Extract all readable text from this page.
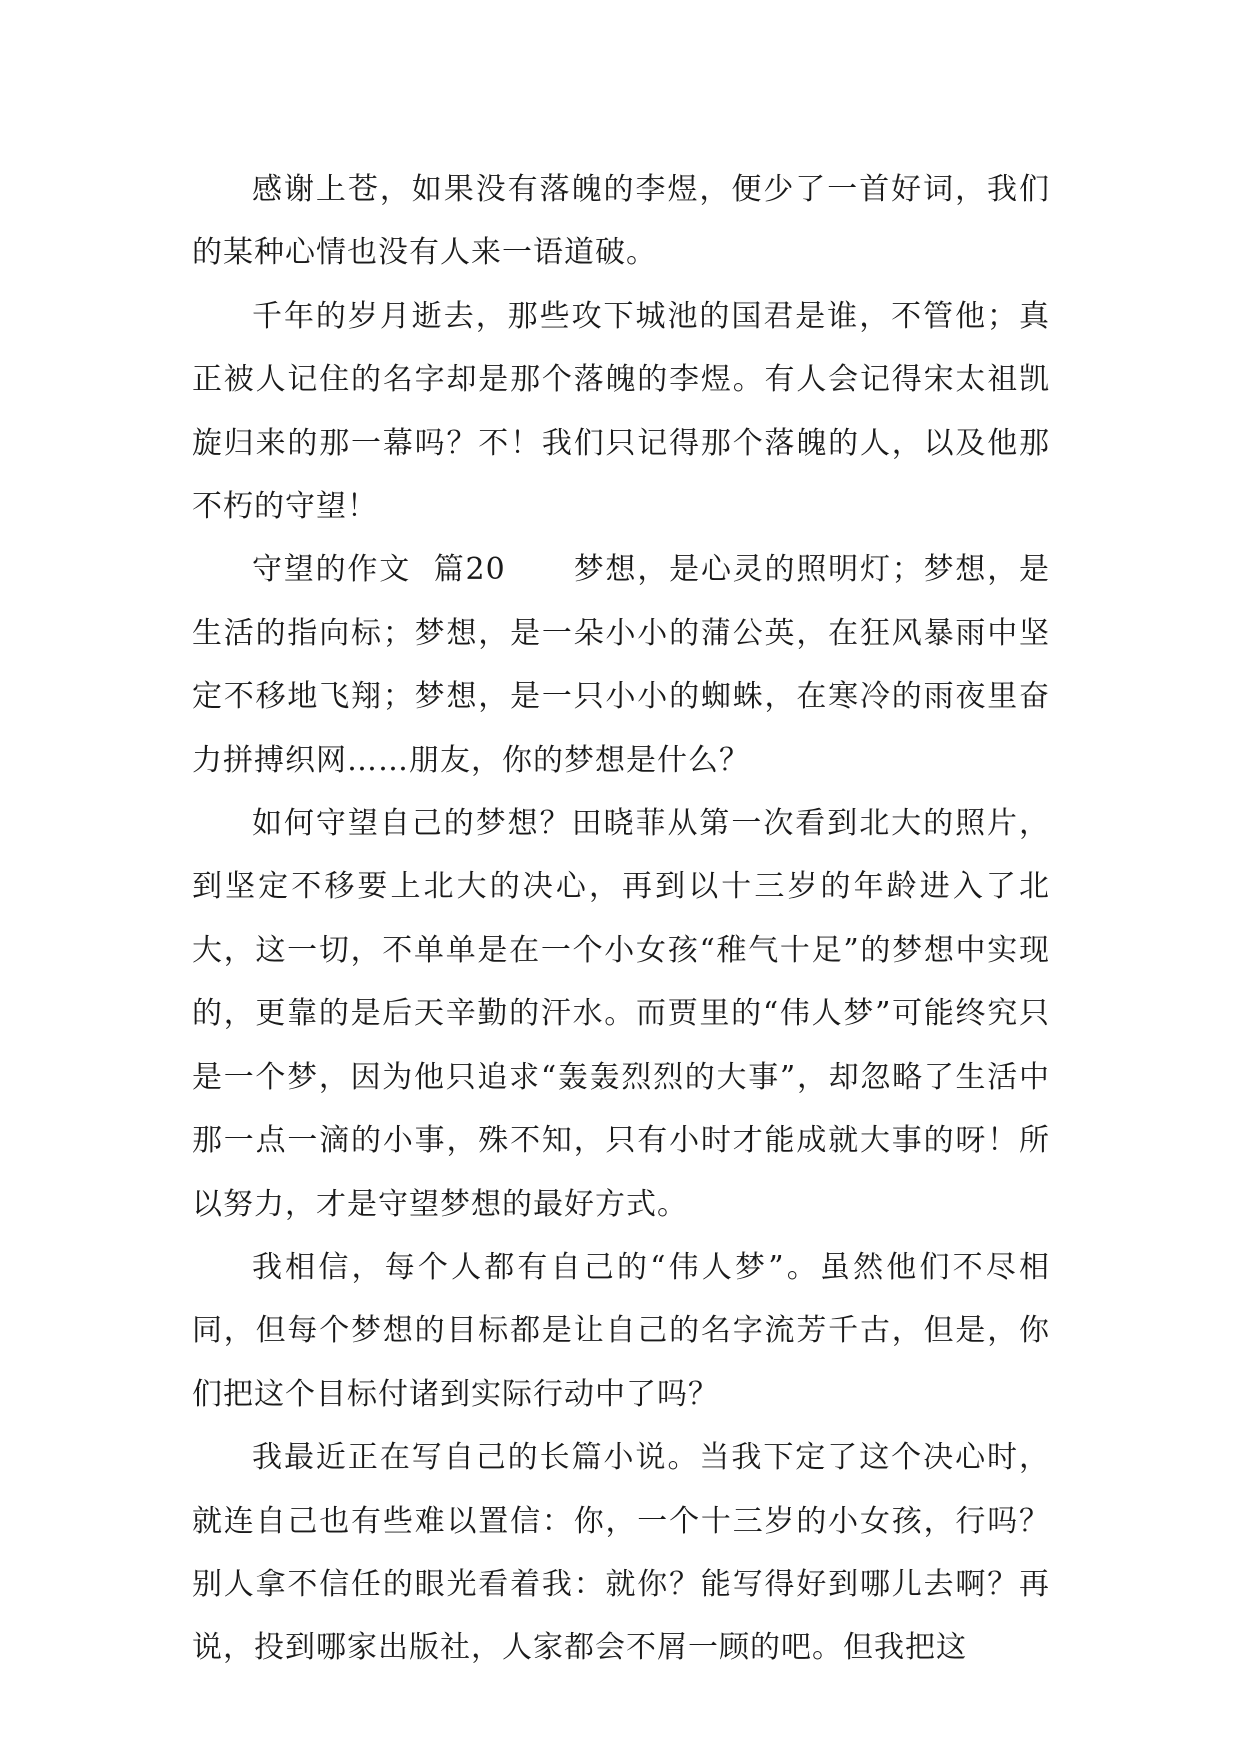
感谢上苍，如果没有落魄的李煜，便少了一首好词，我们的某种心情也没有人来一语道破。

千年的岁月逝去，那些攻下城池的国君是谁，不管他；真正被人记住的名字却是那个落魄的李煜。有人会记得宋太祖凯旋归来的那一幕吗？不！我们只记得那个落魄的人，以及他那不朽的守望！

守望的作文  篇20      梦想，是心灵的照明灯；梦想，是生活的指向标；梦想，是一朵小小的蒲公英，在狂风暴雨中坚定不移地飞翔；梦想，是一只小小的蜘蛛，在寒冷的雨夜里奋力拼搏织网……朋友，你的梦想是什么？

如何守望自己的梦想？田晓菲从第一次看到北大的照片，到坚定不移要上北大的决心，再到以十三岁的年龄进入了北大，这一切，不单单是在一个小女孩“稚气十足”的梦想中实现的，更靠的是后天辛勤的汗水。而贾里的“伟人梦”可能终究只是一个梦，因为他只追求“轰轰烈烈的大事”，却忽略了生活中那一点一滴的小事，殊不知，只有小时才能成就大事的呀！所以努力，才是守望梦想的最好方式。

我相信，每个人都有自己的“伟人梦”。虽然他们不尽相同，但每个梦想的目标都是让自己的名字流芳千古，但是，你们把这个目标付诸到实际行动中了吗？

我最近正在写自己的长篇小说。当我下定了这个决心时，就连自己也有些难以置信：你，一个十三岁的小女孩，行吗？别人拿不信任的眼光看着我：就你？能写得好到哪儿去啊？再说，投到哪家出版社，人家都会不屑一顾的吧。但我把这
